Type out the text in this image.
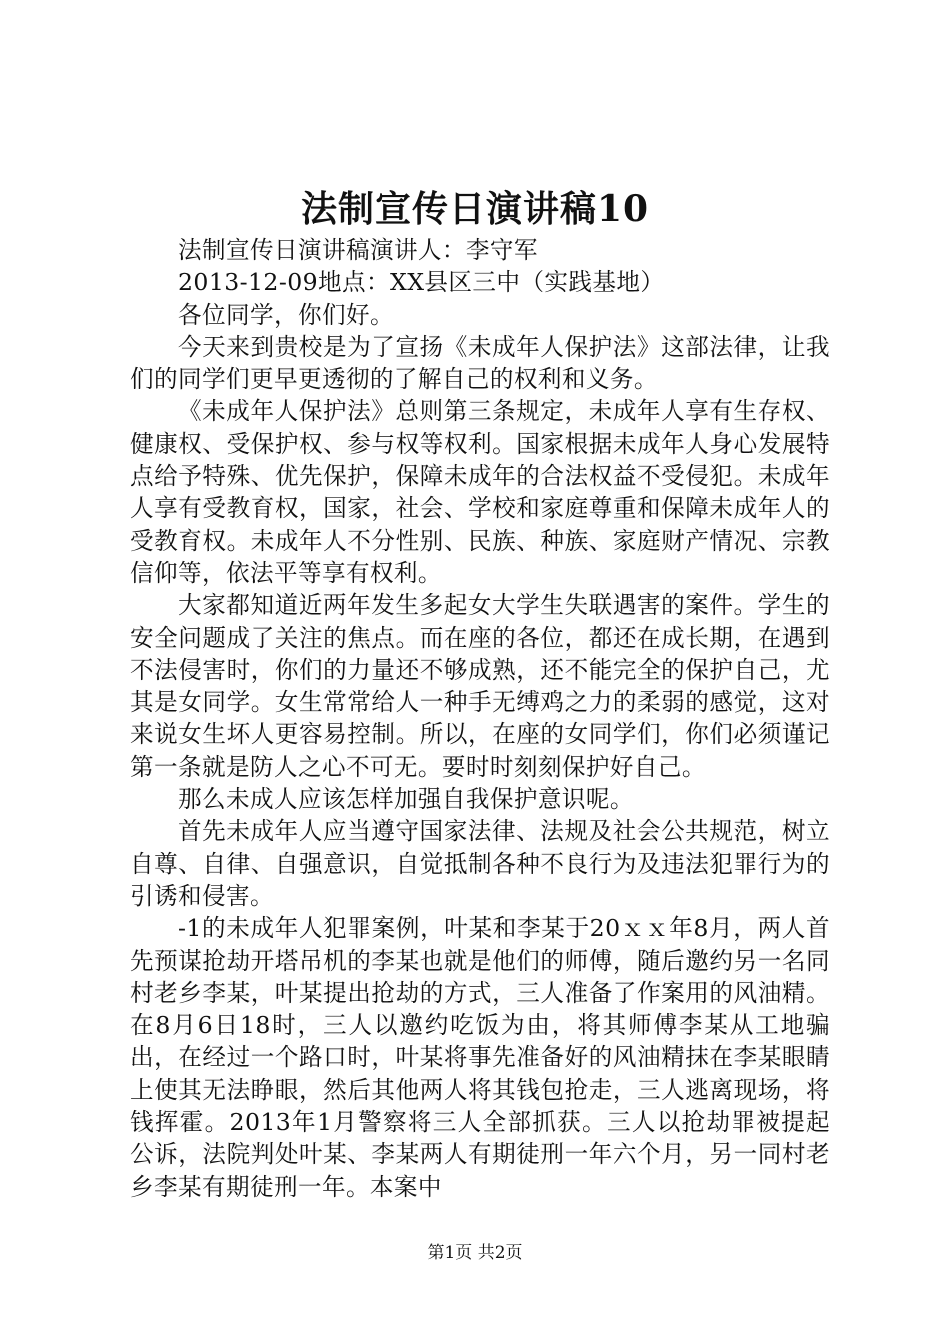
法制宣传日演讲稿10

法制宣传日演讲稿演讲人：李守军

2013-12-09地点：XX县区三中（实践基地）

各位同学，你们好。

今天来到贵校是为了宣扬《未成年人保护法》这部法律，让我们的同学们更早更透彻的了解自己的权利和义务。

《未成年人保护法》总则第三条规定，未成年人享有生存权、健康权、受保护权、参与权等权利。国家根据未成年人身心发展特点给予特殊、优先保护，保障未成年的合法权益不受侵犯。未成年人享有受教育权，国家，社会、学校和家庭尊重和保障未成年人的受教育权。未成年人不分性别、民族、种族、家庭财产情况、宗教信仰等，依法平等享有权利。

大家都知道近两年发生多起女大学生失联遇害的案件。学生的安全问题成了关注的焦点。而在座的各位，都还在成长期，在遇到不法侵害时，你们的力量还不够成熟，还不能完全的保护自己，尤其是女同学。女生常常给人一种手无缚鸡之力的柔弱的感觉，这对来说女生坏人更容易控制。所以，在座的女同学们，你们必须谨记第一条就是防人之心不可无。要时时刻刻保护好自己。

那么未成人应该怎样加强自我保护意识呢。

首先未成年人应当遵守国家法律、法规及社会公共规范，树立自尊、自律、自强意识，自觉抵制各种不良行为及违法犯罪行为的引诱和侵害。

-1的未成年人犯罪案例，叶某和李某于20ｘｘ年8月，两人首先预谋抢劫开塔吊机的李某也就是他们的师傅，随后邀约另一名同村老乡李某，叶某提出抢劫的方式，三人准备了作案用的风油精。在8月6日18时，三人以邀约吃饭为由，将其师傅李某从工地骗出，在经过一个路口时，叶某将事先准备好的风油精抹在李某眼睛上使其无法睁眼，然后其他两人将其钱包抢走，三人逃离现场，将钱挥霍。2013年1月警察将三人全部抓获。三人以抢劫罪被提起公诉，法院判处叶某、李某两人有期徒刑一年六个月，另一同村老乡李某有期徒刑一年。本案中

第1页 共2页
